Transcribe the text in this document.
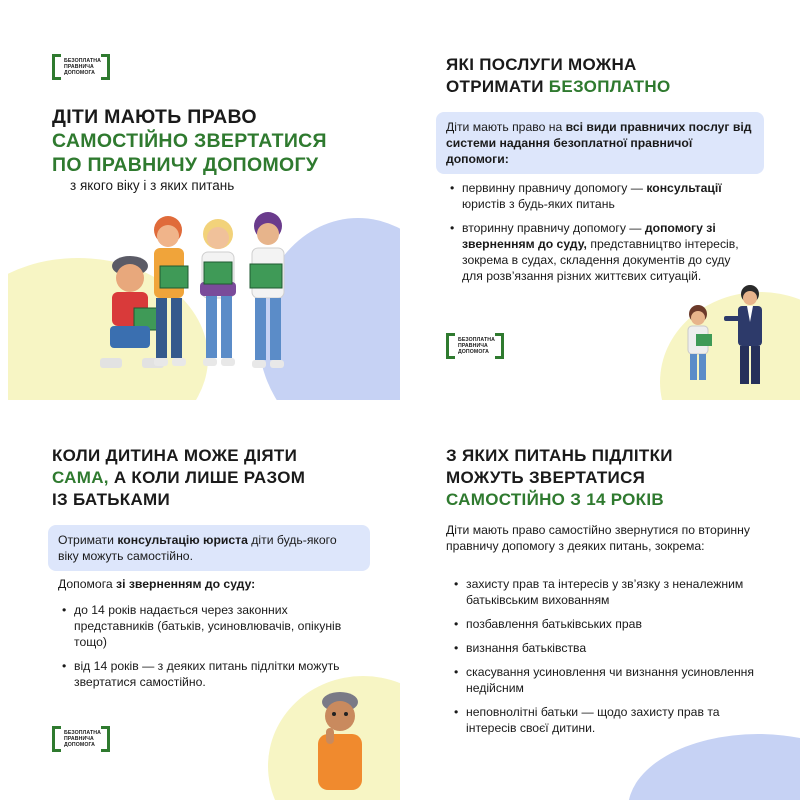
БЕЗОПЛАТНА ПРАВНИЧА ДОПОМОГА
ДІТИ МАЮТЬ ПРАВО
САМОСТІЙНО ЗВЕРТАТИСЯ
ПО ПРАВНИЧУ ДОПОМОГУ
з якого віку і з яких питань
ЯКІ ПОСЛУГИ МОЖНА
ОТРИМАТИ БЕЗОПЛАТНО
Діти мають право на всі види правничих послуг від системи надання безоплатної правничої допомоги:
• первинну правничу допомогу — консультації юристів з будь-яких питань
• вторинну правничу допомогу — допомогу зі зверненням до суду, представництво інтересів, зокрема в судах, складення документів до суду для розв’язання різних життєвих ситуацій.
БЕЗОПЛАТНА ПРАВНИЧА ДОПОМОГА
КОЛИ ДИТИНА МОЖЕ ДІЯТИ
САМА, А КОЛИ ЛИШЕ РАЗОМ
ІЗ БАТЬКАМИ
Отримати консультацію юриста діти будь-якого віку можуть самостійно.
Допомога зі зверненням до суду:
• до 14 років надається через законних представників (батьків, усиновлювачів, опікунів тощо)
• від 14 років — з деяких питань підлітки можуть звертатися самостійно.
БЕЗОПЛАТНА ПРАВНИЧА ДОПОМОГА
З ЯКИХ ПИТАНЬ ПІДЛІТКИ
МОЖУТЬ ЗВЕРТАТИСЯ
САМОСТІЙНО З 14 РОКІВ
Діти мають право самостійно звернутися по вторинну правничу допомогу з деяких питань, зокрема:
• захисту прав та інтересів у зв’язку з неналежним батьківським вихованням
• позбавлення батьківських прав
• визнання батьківства
• скасування усиновлення чи визнання усиновлення недійсним
• неповнолітні батьки — щодо захисту прав та інтересів своєї дитини.
